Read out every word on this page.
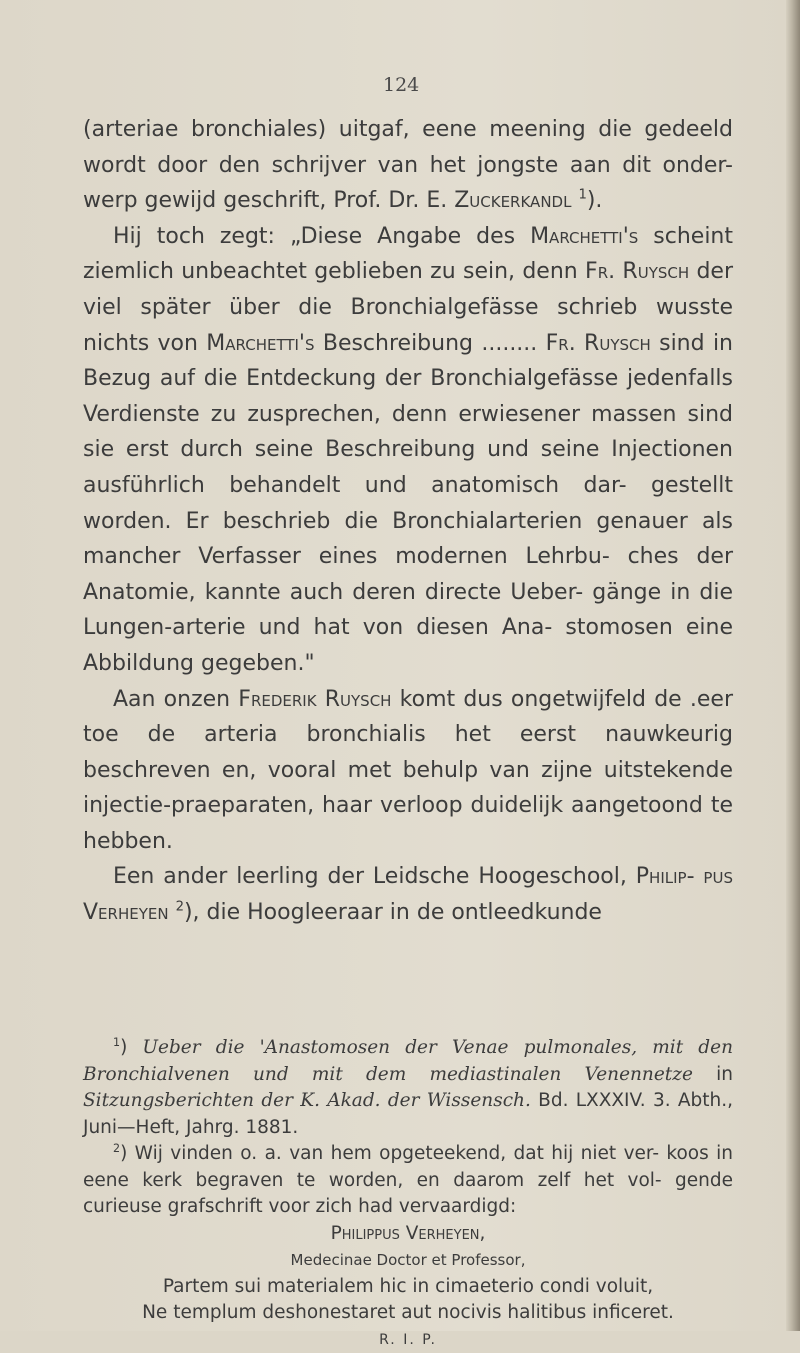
124

(arteriae bronchiales) uitgaf, eene meening die gedeeld wordt door den schrijver van het jongste aan dit onder- werp gewijd geschrift, Prof. Dr. E. Zuckerkandl $^1$).

Hij toch zegt: „Diese Angabe des Marchetti's scheint ziemlich unbeachtet geblieben zu sein, denn Fr. Ruysch der viel später über die Bronchialgefässe schrieb wusste nichts von Marchetti's Beschreibung ........ Fr. Ruysch sind in Bezug auf die Entdeckung der Bronchialgefässe jedenfalls Verdienste zu zusprechen, denn erwiesener massen sind sie erst durch seine Beschreibung und seine Injectionen ausführlich behandelt und anatomisch dar- gestellt worden. Er beschrieb die Bronchialarterien genauer als mancher Verfasser eines modernen Lehrbu- ches der Anatomie, kannte auch deren directe Ueber- gänge in die Lungen-arterie und hat von diesen Ana- stomosen eine Abbildung gegeben."

Aan onzen Frederik Ruysch komt dus ongetwijfeld de .eer toe de arteria bronchialis het eerst nauwkeurig beschreven en, vooral met behulp van zijne uitstekende injectie-praeparaten, haar verloop duidelijk aangetoond te hebben.

Een ander leerling der Leidsche Hoogeschool, Philip- pus Verheyen $^2$), die Hoogleeraar in de ontleedkunde

$^1$) Ueber die 'Anastomosen der Venae pulmonales, mit den Bronchialvenen und mit dem mediastinalen Venennetze in Sitzungsberichten der K. Akad. der Wissensch. Bd. LXXXIV. 3. Abth., Juni—Heft, Jahrg. 1881.

$^2$) Wij vinden o. a. van hem opgeteekend, dat hij niet ver- koos in eene kerk begraven te worden, en daarom zelf het vol- gende curieuse grafschrift voor zich had vervaardigd:

Philippus Verheyen,

Medecinae Doctor et Professor,

Partem sui materialem hic in cimaeterio condi voluit,

Ne templum deshonestaret aut nocivis halitibus inficeret.

R. I. P.
